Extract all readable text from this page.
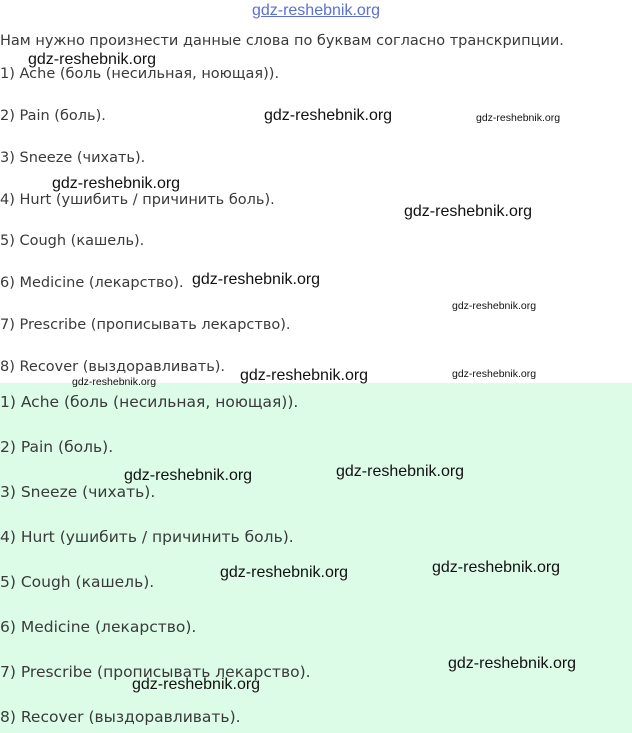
gdz-reshebnik.org
Нам нужно произнести данные слова по буквам согласно транскрипции.
1) Ache (боль (несильная, ноющая)).
2) Pain (боль).
3) Sneeze (чихать).
4) Hurt (ушибить / причинить боль).
5) Cough (кашель).
6) Medicine (лекарство).
7) Prescribe (прописывать лекарство).
8) Recover (выздоравливать).
1) Ache (боль (несильная, ноющая)).
2) Pain (боль).
3) Sneeze (чихать).
4) Hurt (ушибить / причинить боль).
5) Cough (кашель).
6) Medicine (лекарство).
7) Prescribe (прописывать лекарство).
8) Recover (выздоравливать).
gdz-reshebnik.org
gdz-reshebnik.org	gdz-reshebnik.org
gdz-reshebnik.org
gdz-reshebnik.org
gdz-reshebnik.org
gdz-reshebnik.org
gdz-reshebnik.org
gdz-reshebnik.org
gdz-reshebnik.org
gdz-reshebnik.org	gdz-reshebnik.org
gdz-reshebnik.org	gdz-reshebnik.org
gdz-reshebnik.org
gdz-reshebnik.org
